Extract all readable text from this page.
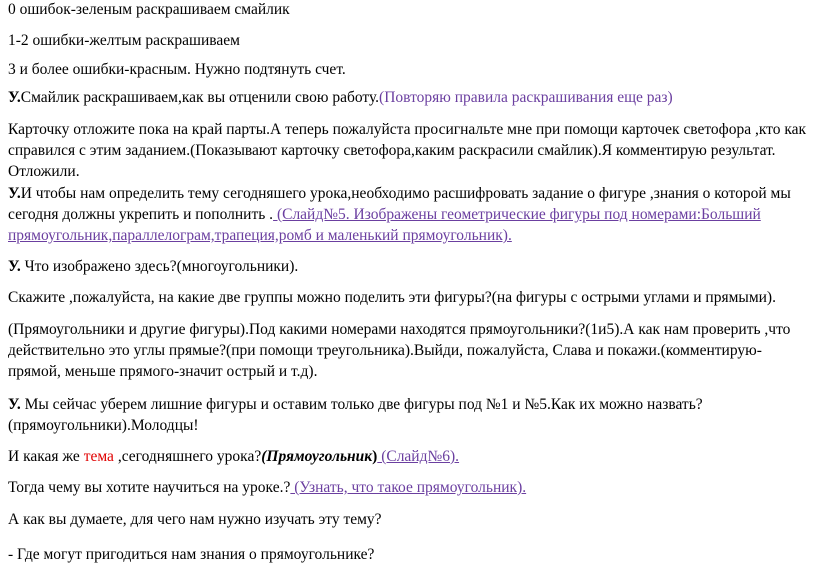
0 ошибок-зеленым раскрашиваем смайлик
1-2 ошибки-желтым раскрашиваем
3 и более ошибки-красным. Нужно подтянуть счет.
У.Смайлик раскрашиваем,как вы отценили свою работу.(Повторяю правила раскрашивания еще раз)
Карточку отложите пока на край парты.А теперь пожалуйста просигнальте мне при помощи карточек светофора ,кто как справился с этим заданием.(Показывают карточку светофора,каким раскрасили смайлик).Я комментирую результат. Отложили.
У.И чтобы нам определить тему сегодняшего урока,необходимо расшифровать задание о фигуре ,знания о которой мы сегодня должны укрепить и пополнить . (Слайд№5. Изображены геометрические фигуры под номерами:Больший прямоугольник,параллелограм,трапеция,ромб и маленький прямоугольник).
У. Что изображено здесь?(многоугольники).
Скажите ,пожалуйста, на какие две группы можно поделить эти фигуры?(на фигуры с острыми углами и прямыми).
(Прямоугольники и другие фигуры).Под какими номерами находятся прямоугольники?(1и5).А как нам проверить ,что действительно это углы прямые?(при помощи треугольника).Выйди, пожалуйста, Слава и покажи.(комментирую-прямой, меньше прямого-значит острый и т.д).
У. Мы сейчас уберем лишние фигуры и оставим только две фигуры под №1 и №5.Как их можно назвать?(прямоугольники).Молодцы!
И какая же тема ,сегодняшнего урока?(Прямоугольник) (Слайд№6).
Тогда чему вы хотите научиться на уроке.? (Узнать, что такое прямоугольник).
А как вы думаете, для чего нам нужно изучать эту тему?
- Где могут пригодиться нам знания о прямоугольнике?
